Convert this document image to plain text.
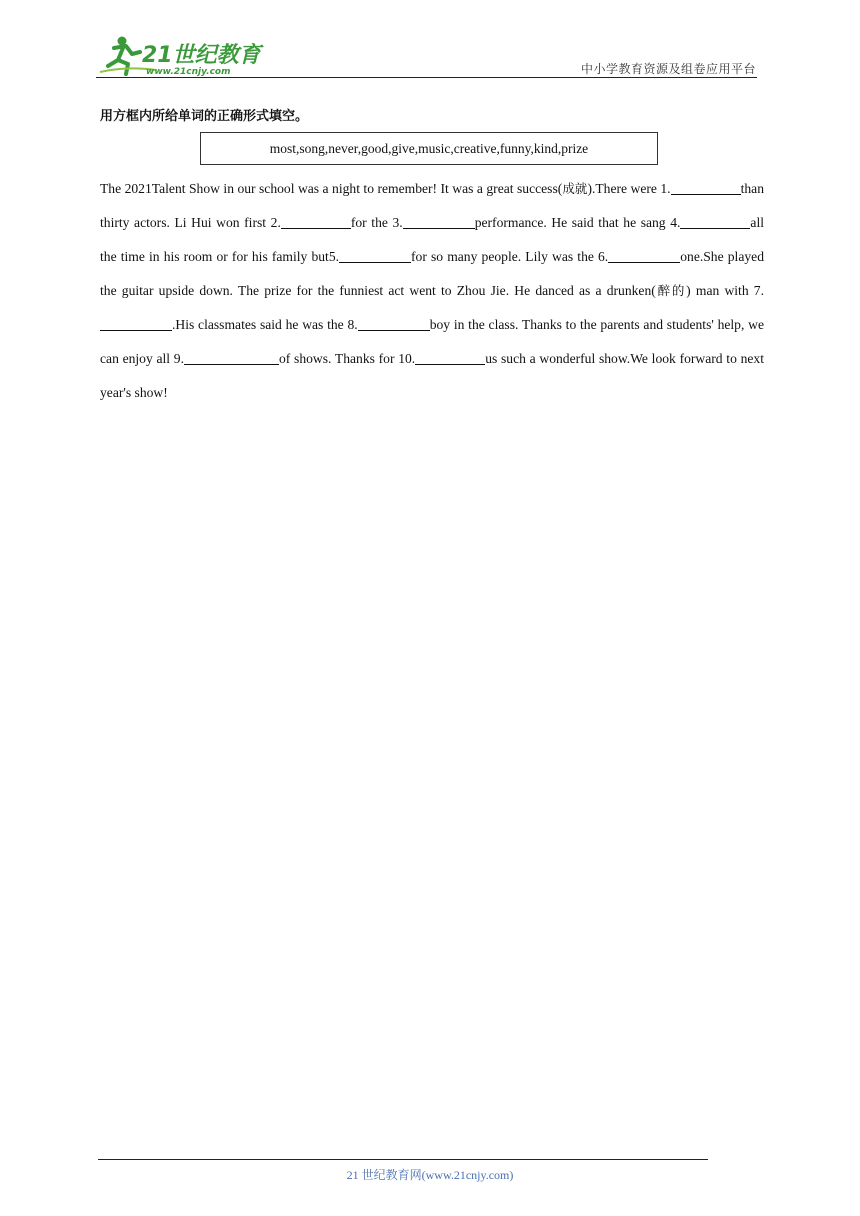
21世纪教育
www.21cnjy.com	中小学教育资源及组卷应用平台
用方框内所给单词的正确形式填空。
most,song,never,good,give,music,creative,funny,kind,prize
The 2021Talent Show in our school was a night to remember! It was a great success(成就).There were 1.	than thirty actors. Li Hui won first 2.	for the 3.	performance. He said that he sang 4.	all the time in his room or for his family but5.	for so many people. Lily was the 6.	one.She played the guitar upside down. The prize for the funniest act went to Zhou Jie. He danced as a drunken(醉的) man with 7..His classmates said he was the 8.	boy in the class. Thanks to the parents and students' help, we can enjoy all 9.	of shows. Thanks for 10.	us such a wonderful show.We look forward to next year's show!
21 世纪教育网(www.21cnjy.com)
